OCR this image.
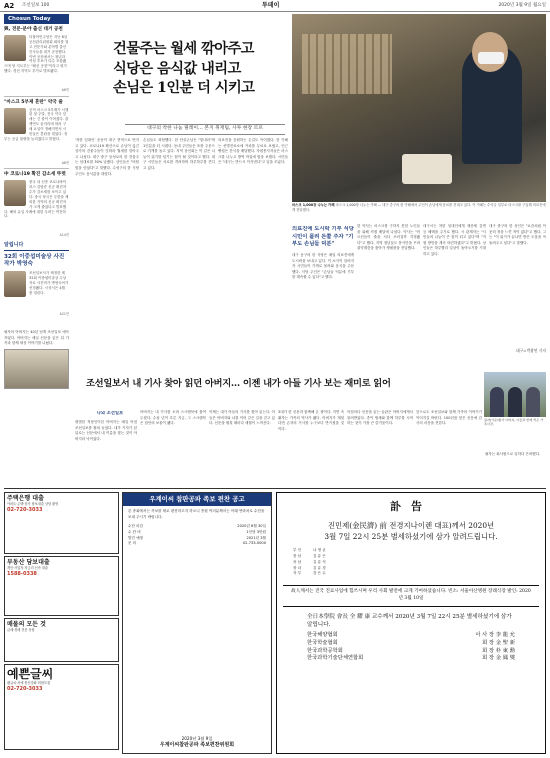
A2 조선일보 100	투데이	2020년 3월 9일 월요일
Chosun Today
與, 전문·분야 출신 대거 공천
더불어민주당은 지난 8일 공천관리위원회 회의를 열고 전문가와 분야별 출신 인사들을 대거 공천했다. 이번 공천에서는 청년과 여성 후보가 다수 포함됐으며 당 지도부는 "쇄신 공천"이라고 평가했다. 경선 지역도 추가로 발표됐다.
A6면
"마스크 5부제 혼란" 약국 줄
공적 마스크 5부제가 시행된 첫 주말, 전국 약국 앞에는 긴 줄이 이어졌다. 출생연도 끝자리에 따라 구매 요일이 정해지면서 시민들은 혼란을 겪었다. 정부는 공급 물량을 늘리겠다고 밝혔다.
A8면
中 코로나19 확진 감소세 뚜렷
중국 내 신종 코로나바이러스 감염증 신규 확진자 수가 감소세를 보이고 있다. 중국 당국은 우한을 제외한 지역의 신규 확진자가 크게 줄었다고 발표했다. 해외 유입 사례에 대한 우려는 여전하다.
A14면
알립니다
32회 이중섭미술상 사진작가 박영숙
조선일보사가 제정한 제32회 이중섭미술상 수상자로 사진작가 박영숙씨가 선정됐다. 시상식은 4월 중 열린다.
A21면
건물주는 월세 깎아주고
식당은 음식값 내리고
손님은 1인분 더 시키고
대구의 착한 나눔 릴레이… 본지 취재팀, 사투 현장 르포
마스크 1,000장 나누는 카페 마스크 1,000장 나누는 카페 — 대구 중구의 한 카페에서 주인이 손님에게 음료를 건네고 있다. 이 카페는 수익금 일부로 마스크를 구입해 의료진에게 전달했다.
'착한 임대인' 운동이 대구 전역으로 번지고 있다. 코로나19 확산으로 손님이 끊긴 상가의 건물주들이 잇따라 월세를 깎아주고 나섰다. 대구 중구 동성로의 한 건물주는 임대료를 30% 낮췄다. 상인들은 "버틸 힘을 얻었다"고 말했다. 수성구의 한 식당 주인도 음식값을 내렸다.
손님들도 화답했다. 한 단골손님은 "힘내라"며 1인분을 더 시켰다. 동네 주민들은 포장 주문으로 가게를 돕고 있다. 지역 상인회는 이 같은 나눔이 위기를 넘기는 힘이 될 것이라고 했다. 대구 시민들은 서로를 격려하며 하루하루를 견디고 있다.
의료진을 응원하는 손길도 이어졌다. 한 카페는 선별진료소에 커피를 무료로 보냈고, 인근 빵집은 간식을 배달했다. 자원봉사자들은 마스크를 나누고 방역 작업에 힘을 보탰다. 시민들은 "대구는 반드시 이겨낸다"고 입을 모았다.
의료진에 도시락 기부 식당 시민이 몰려 돈쭐 주자 "기부도 손님들 덕분"
대구 동구의 한 식당은 매일 의료진에게 도시락을 보내고 있다. 이 소식이 알려지자 시민들이 가게로 몰려와 음식을 주문했다. 식당 주인은 "손님들 덕분에 기부를 계속할 수 있다"고 했다.
한 약사는 마스크를 구하지 못한 노인들을 위해 직접 배달에 나섰다. 약사는 "어르신들이 줄을 서다 쓰러질까 걱정됐다"고 했다. 지역 청년들도 봉사단을 꾸려 취약계층을 찾아가 생필품을 전달했다.
대구시는 착한 임대인에게 재산세 감면 등 혜택을 주기로 했다. 시 관계자는 "시민들의 나눔이 큰 힘이 되고 있다"며 "지원 방안을 계속 마련하겠다"고 밝혔다. 상인들은 하루빨리 일상이 돌아오기를 기대하고 있다.
대구 중구의 한 상인은 "요즘처럼 이웃의 정을 느낀 적이 없다"고 했다. 그는 "이 위기가 끝나면 받은 도움을 꼭 돌려주고 싶다"고 말했다.
대구=박광연 기자
필자의 아버지는 40년 넘게 조선일보 애독자였다. 아버지는 매일 신문을 읽은 뒤 가족과 함께 세상 이야기를 나눴다.
조선일보서 내 기사 찾아 읽던 아버지… 이젠 내가 아들 기사 보는 재미로 읽어
필자(가운데)가 아버지, 아들과 함께 찍은 가족사진.
나와 조선일보
평범한 직장인이던 아버지는 매일 아침 조선일보를 펼쳐 들었다. 내가 기자가 된 뒤로는 신문에서 내 이름을 찾는 것이 아버지의 낙이었다.
아버지는 내 기사를 오려 스크랩북에 붙여 두셨다. 수십 년이 흐른 지금, 그 스크랩북은 집안의 보물이 됐다.
이제는 내가 아들의 기사를 찾아 읽는다. 아들은 아버지와 나를 이어 같은 길을 걷고 있다. 신문을 펼칠 때마다 세월이 느껴진다.
3대가 한 신문과 함께해 온 셈이다. 지면 속 활자는 가족의 역사가 됐다. 아버지가 계셨다면 손자의 기사를 누구보다 반기셨을 것이다.
아침마다 신문을 읽는 습관은 아버지에게서 물려받았다. 종이 냄새와 함께 하루를 시작하는 것이 가장 큰 즐거움이다.
앞으로도 조선일보와 함께 가족의 이야기가 이어지길 바란다. 100년을 맞은 신문에 감사의 마음을 전한다.
필자는 회사원으로 일하다 은퇴했다.
주택은행 대출
아파트·주택·상가 담보대출 상담 환영
02-720-3033
부동산 담보대출
개인·사업자 저금리 신속 대출
1588-0338
매물의 모든 것
급매·경매 전문 상담
예쁜글씨
펜글씨·서예 통신강좌 회원모집
02-720-3033
우계이씨 참판공파 족보 편찬 공고
본 종회에서는 족보를 새로 편찬하고자 하오니 종원 여러분께서는 아래 연락처로 수단을 보내 주시기 바랍니다.
수단 마감	2020년 6월 30일
수 단 비	1인당 3만원
발간 예정	2021년 3월
문 의	02-733-0000
2020년 3월 9일
우계이씨참판공파 족보편찬위원회
訃告
진민제(金民濟) 前 전경지나이렌 대표)께서 2020년
3월 7일 22시 25분 별세하셨기에 삼가 알려드립니다.
부 인	나 영 균
장 남	김 유 곤
차 남	김 유 석
장 녀	김 유 경
자 부	강 은 수
故人께서는 진국 진료사업에 힘쓰시며 우리 사회 발전에 크게 기여하셨습니다. 빈소: 서울아산병원 장례식장 발인: 2020년 3월 10일
全日本學院 會長 全 耀 康 교수께서 2020년 3월 7일 22시 25분 별세하셨기에 삼가 알립니다.
한국해양협회	이 사 장 李 龍 允
한국학술협회	회 장 金 聖 新
한국과학공학회	회 장 朴 東 勳
한국과학기술단체연합회	회 장 金 鳳 燮
